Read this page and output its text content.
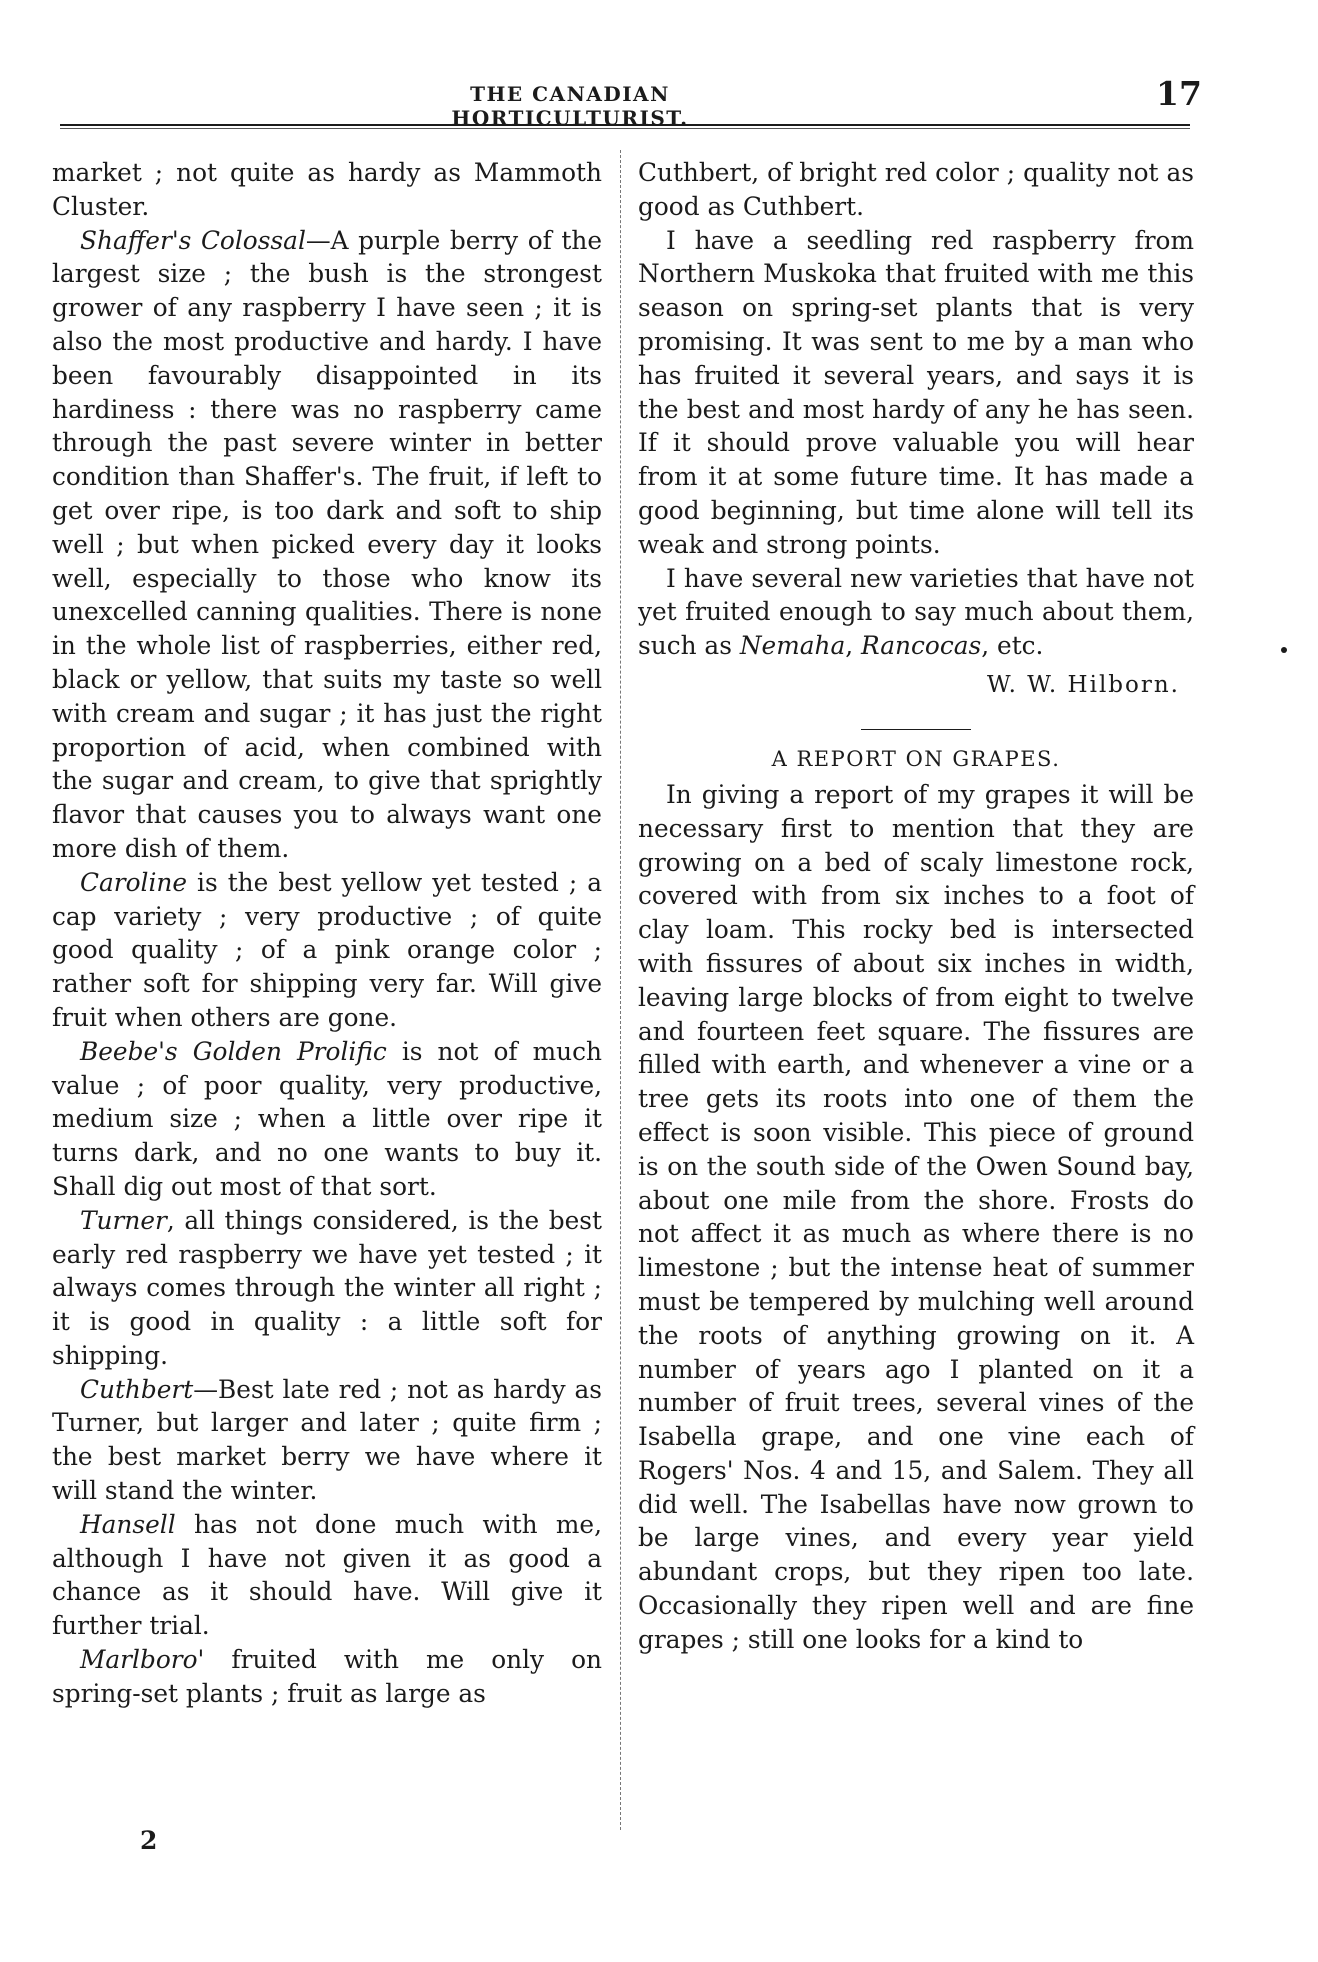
THE CANADIAN HORTICULTURIST.
17

market ; not quite as hardy as Mammoth Cluster.

Shaffer's Colossal—A purple berry of the largest size ; the bush is the strongest grower of any raspberry I have seen ; it is also the most productive and hardy. I have been favourably disappointed in its hardiness : there was no raspberry came through the past severe winter in better condition than Shaffer's. The fruit, if left to get over ripe, is too dark and soft to ship well ; but when picked every day it looks well, especially to those who know its unexcelled canning qualities. There is none in the whole list of raspberries, either red, black or yellow, that suits my taste so well with cream and sugar ; it has just the right proportion of acid, when combined with the sugar and cream, to give that sprightly flavor that causes you to always want one more dish of them.

Caroline is the best yellow yet tested ; a cap variety ; very productive ; of quite good quality ; of a pink orange color ; rather soft for shipping very far. Will give fruit when others are gone.

Beebe's Golden Prolific is not of much value ; of poor quality, very productive, medium size ; when a little over ripe it turns dark, and no one wants to buy it. Shall dig out most of that sort.

Turner, all things considered, is the best early red raspberry we have yet tested ; it always comes through the winter all right ; it is good in quality : a little soft for shipping.

Cuthbert—Best late red ; not as hardy as Turner, but larger and later ; quite firm ; the best market berry we have where it will stand the winter.

Hansell has not done much with me, although I have not given it as good a chance as it should have. Will give it further trial.

Marlboro' fruited with me only on spring-set plants ; fruit as large as

Cuthbert, of bright red color ; quality not as good as Cuthbert.

I have a seedling red raspberry from Northern Muskoka that fruited with me this season on spring-set plants that is very promising. It was sent to me by a man who has fruited it several years, and says it is the best and most hardy of any he has seen. If it should prove valuable you will hear from it at some future time. It has made a good beginning, but time alone will tell its weak and strong points.

I have several new varieties that have not yet fruited enough to say much about them, such as Nemaha, Rancocas, etc.

W. W. Hilborn.
A REPORT ON GRAPES.

In giving a report of my grapes it will be necessary first to mention that they are growing on a bed of scaly limestone rock, covered with from six inches to a foot of clay loam. This rocky bed is intersected with fissures of about six inches in width, leaving large blocks of from eight to twelve and fourteen feet square. The fissures are filled with earth, and whenever a vine or a tree gets its roots into one of them the effect is soon visible. This piece of ground is on the south side of the Owen Sound bay, about one mile from the shore. Frosts do not affect it as much as where there is no limestone ; but the intense heat of summer must be tempered by mulching well around the roots of anything growing on it. A number of years ago I planted on it a number of fruit trees, several vines of the Isabella grape, and one vine each of Rogers' Nos. 4 and 15, and Salem. They all did well. The Isabellas have now grown to be large vines, and every year yield abundant crops, but they ripen too late. Occasionally they ripen well and are fine grapes ; still one looks for a kind to

2
